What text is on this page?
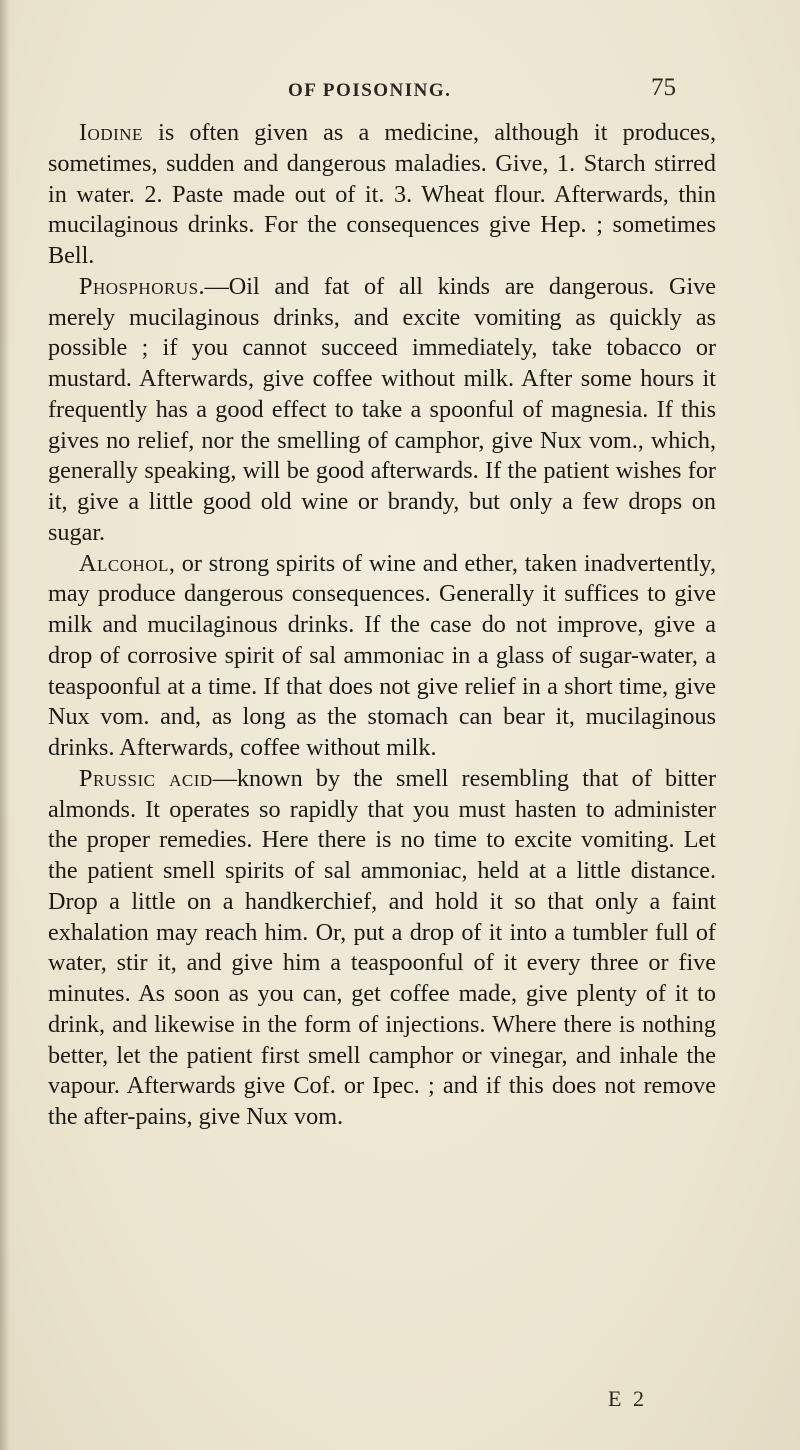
OF POISONING.	75

Iodine is often given as a medicine, although it produces, sometimes, sudden and dangerous maladies. Give, 1. Starch stirred in water. 2. Paste made out of it. 3. Wheat flour. Afterwards, thin mucilaginous drinks. For the consequences give Hep. ; sometimes Bell.

Phosphorus.—Oil and fat of all kinds are dangerous. Give merely mucilaginous drinks, and excite vomiting as quickly as possible ; if you cannot succeed immediately, take tobacco or mustard. Afterwards, give coffee without milk. After some hours it frequently has a good effect to take a spoonful of magnesia. If this gives no relief, nor the smelling of camphor, give Nux vom., which, generally speaking, will be good afterwards. If the patient wishes for it, give a little good old wine or brandy, but only a few drops on sugar.

Alcohol, or strong spirits of wine and ether, taken inadvertently, may produce dangerous consequences. Generally it suffices to give milk and mucilaginous drinks. If the case do not improve, give a drop of corrosive spirit of sal ammoniac in a glass of sugar-water, a teaspoonful at a time. If that does not give relief in a short time, give Nux vom. and, as long as the stomach can bear it, mucilaginous drinks. Afterwards, coffee without milk.

Prussic acid—known by the smell resembling that of bitter almonds. It operates so rapidly that you must hasten to administer the proper remedies. Here there is no time to excite vomiting. Let the patient smell spirits of sal ammoniac, held at a little distance. Drop a little on a handkerchief, and hold it so that only a faint exhalation may reach him. Or, put a drop of it into a tumbler full of water, stir it, and give him a teaspoonful of it every three or five minutes. As soon as you can, get coffee made, give plenty of it to drink, and likewise in the form of injections. Where there is nothing better, let the patient first smell camphor or vinegar, and inhale the vapour. Afterwards give Cof. or Ipec. ; and if this does not remove the after-pains, give Nux vom.

E 2
